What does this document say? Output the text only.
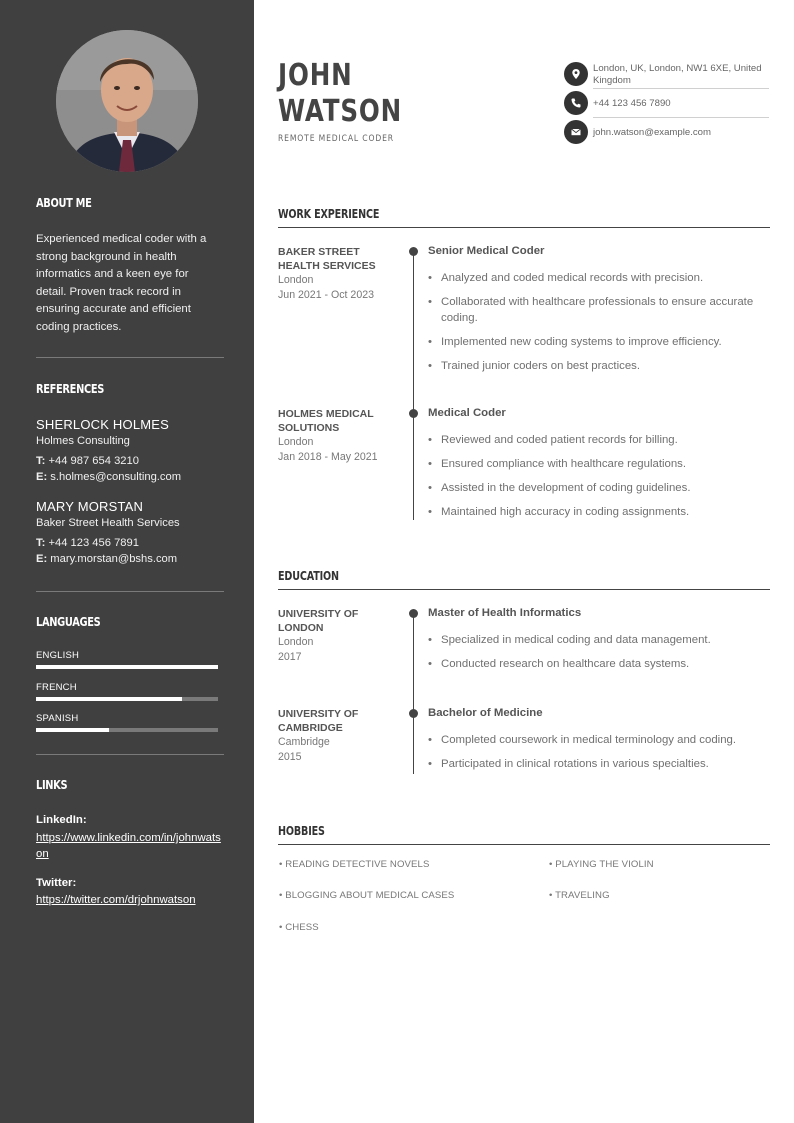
ABOUT ME
Experienced medical coder with a strong background in health informatics and a keen eye for detail. Proven track record in ensuring accurate and efficient coding practices.
REFERENCES
SHERLOCK HOLMES
Holmes Consulting
T: +44 987 654 3210
E: s.holmes@consulting.com
MARY MORSTAN
Baker Street Health Services
T: +44 123 456 7891
E: mary.morstan@bshs.com
LANGUAGES
ENGLISH
FRENCH
SPANISH
LINKS
LinkedIn:
https://www.linkedin.com/in/johnwatson
Twitter:
https://twitter.com/drjohnwatson
JOHN
WATSON
REMOTE MEDICAL CODER
London, UK, London, NW1 6XE, United Kingdom
+44 123 456 7890
john.watson@example.com
WORK EXPERIENCE
BAKER STREET HEALTH SERVICES
London
Jun 2021 - Oct 2023
Senior Medical Coder
• Analyzed and coded medical records with precision.
• Collaborated with healthcare professionals to ensure accurate coding.
• Implemented new coding systems to improve efficiency.
• Trained junior coders on best practices.
HOLMES MEDICAL SOLUTIONS
London
Jan 2018 - May 2021
Medical Coder
• Reviewed and coded patient records for billing.
• Ensured compliance with healthcare regulations.
• Assisted in the development of coding guidelines.
• Maintained high accuracy in coding assignments.
EDUCATION
UNIVERSITY OF LONDON
London
2017
Master of Health Informatics
• Specialized in medical coding and data management.
• Conducted research on healthcare data systems.
UNIVERSITY OF CAMBRIDGE
Cambridge
2015
Bachelor of Medicine
• Completed coursework in medical terminology and coding.
• Participated in clinical rotations in various specialties.
HOBBIES
• READING DETECTIVE NOVELS	• PLAYING THE VIOLIN
• BLOGGING ABOUT MEDICAL CASES	• TRAVELING
• CHESS
